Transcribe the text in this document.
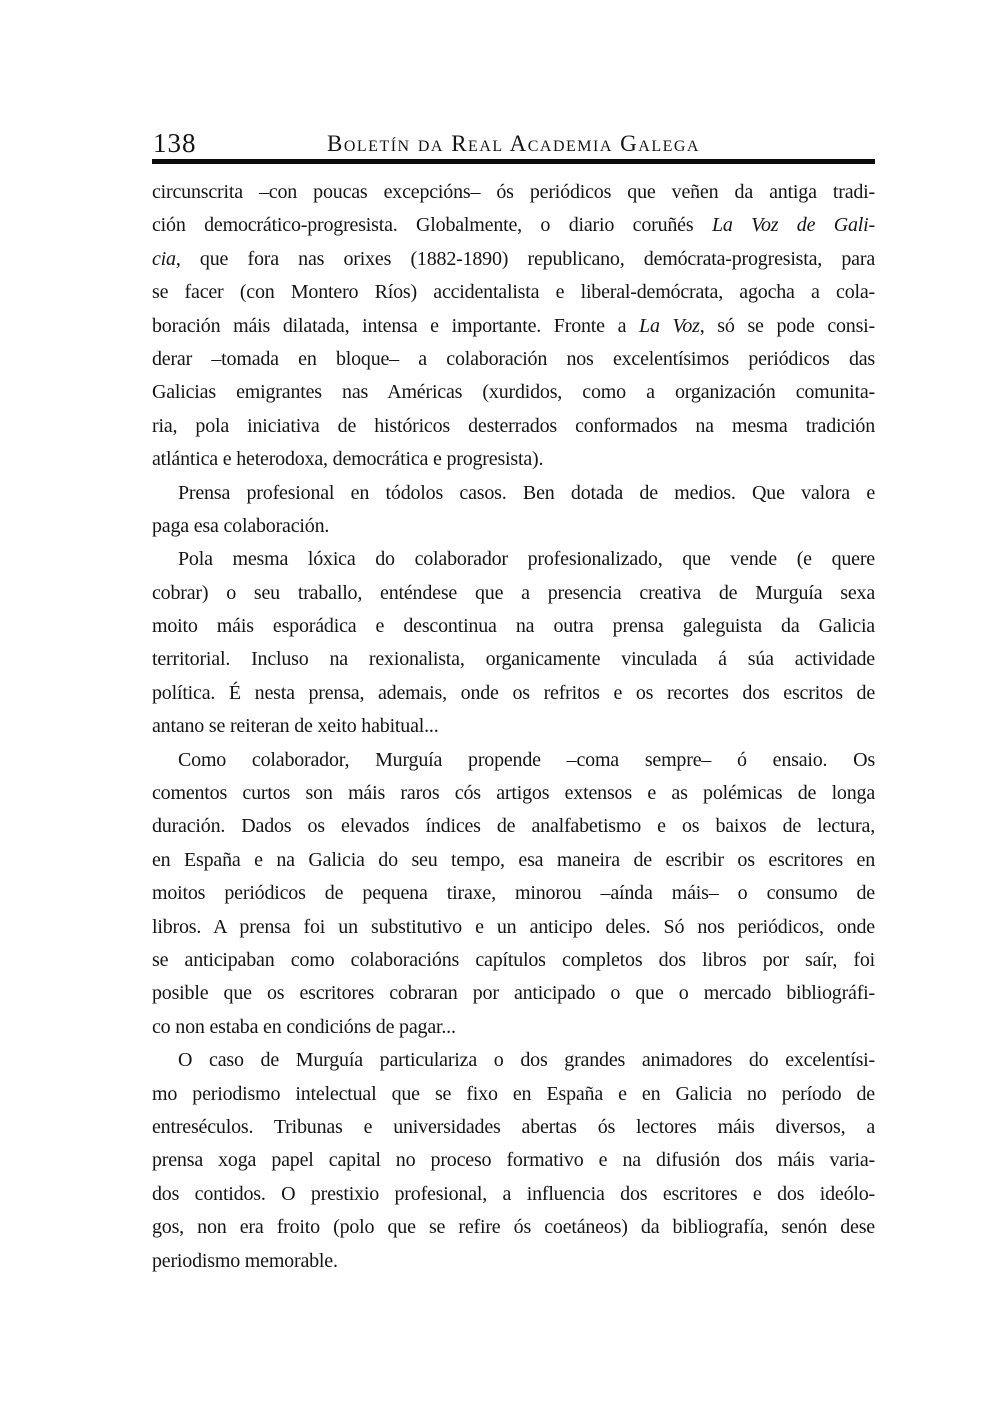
138	Boletín da Real Academia Galega
circunscrita –con poucas excepcións– ós periódicos que veñen da antiga tradi-
ción democrático-progresista. Globalmente, o diario coruñés La Voz de Gali-
cia, que fora nas orixes (1882-1890) republicano, demócrata-progresista, para
se facer (con Montero Ríos) accidentalista e liberal-demócrata, agocha a cola-
boración máis dilatada, intensa e importante. Fronte a La Voz, só se pode consi-
derar –tomada en bloque– a colaboración nos excelentísimos periódicos das
Galicias emigrantes nas Américas (xurdidos, como a organización comunita-
ria, pola iniciativa de históricos desterrados conformados na mesma tradición
atlántica e heterodoxa, democrática e progresista).
Prensa profesional en tódolos casos. Ben dotada de medios. Que valora e
paga esa colaboración.
Pola mesma lóxica do colaborador profesionalizado, que vende (e quere
cobrar) o seu traballo, enténdese que a presencia creativa de Murguía sexa
moito máis esporádica e descontinua na outra prensa galeguista da Galicia
territorial. Incluso na rexionalista, organicamente vinculada á súa actividade
política. É nesta prensa, ademais, onde os refritos e os recortes dos escritos de
antano se reiteran de xeito habitual...
Como colaborador, Murguía propende –coma sempre– ó ensaio. Os
comentos curtos son máis raros cós artigos extensos e as polémicas de longa
duración. Dados os elevados índices de analfabetismo e os baixos de lectura,
en España e na Galicia do seu tempo, esa maneira de escribir os escritores en
moitos periódicos de pequena tiraxe, minorou –aínda máis– o consumo de
libros. A prensa foi un substitutivo e un anticipo deles. Só nos periódicos, onde
se anticipaban como colaboracións capítulos completos dos libros por saír, foi
posible que os escritores cobraran por anticipado o que o mercado bibliográfi-
co non estaba en condicións de pagar...
O caso de Murguía particulariza o dos grandes animadores do excelentísi-
mo periodismo intelectual que se fixo en España e en Galicia no período de
entreséculos. Tribunas e universidades abertas ós lectores máis diversos, a
prensa xoga papel capital no proceso formativo e na difusión dos máis varia-
dos contidos. O prestixio profesional, a influencia dos escritores e dos ideólo-
gos, non era froito (polo que se refire ós coetáneos) da bibliografía, senón dese
periodismo memorable.
